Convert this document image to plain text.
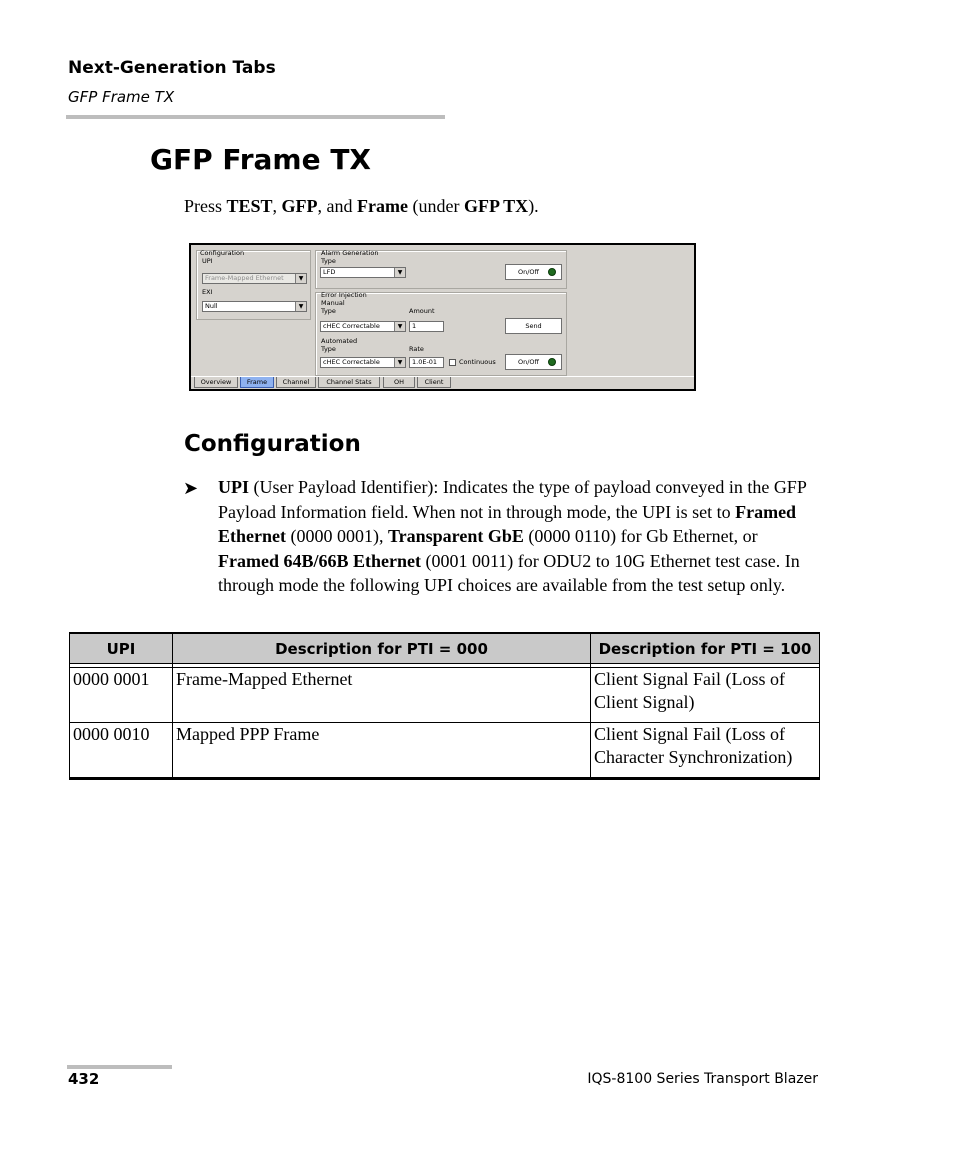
Next-Generation Tabs
GFP Frame TX
GFP Frame TX
Press TEST, GFP, and Frame (under GFP TX).
Configuration
UPI
Frame-Mapped Ethernet	▼
EXI
Null	▼
Alarm Generation
Type
LFD	▼	On/Off
Error Injection
Manual
Type	Amount
cHEC Correctable	▼	1	Send
Automated
Type	Rate
cHEC Correctable	▼	1.0E-01	Continuous	On/Off
Overview	Frame	Channel	Channel Stats	OH	Client
Configuration
➤ UPI (User Payload Identifier): Indicates the type of payload conveyed in the GFP Payload Information field. When not in through mode, the UPI is set to Framed Ethernet (0000 0001), Transparent GbE (0000 0110) for Gb Ethernet, or Framed 64B/66B Ethernet (0001 0011) for ODU2 to 10G Ethernet test case. In through mode the following UPI choices are available from the test setup only.
UPI	Description for PTI = 000	Description for PTI = 100

0000 0001	Frame-Mapped Ethernet	Client Signal Fail (Loss of Client Signal)
0000 0010	Mapped PPP Frame	Client Signal Fail (Loss of Character Synchronization)
432	IQS-8100 Series Transport Blazer
